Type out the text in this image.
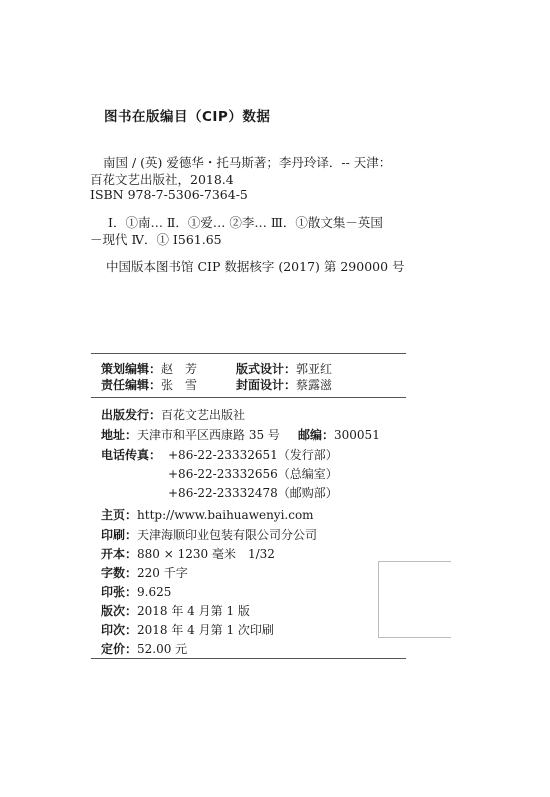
图书在版编目（CIP）数据
南国 / (英) 爱德华・托马斯著；李丹玲译．-- 天津：
百花文艺出版社，2018.4
ISBN 978-7-5306-7364-5
Ⅰ．①南… Ⅱ．①爱… ②李… Ⅲ．①散文集－英国
－现代 Ⅳ．① I561.65
中国版本图书馆 CIP 数据核字 (2017) 第 290000 号
策划编辑：赵　芳	版式设计：郭亚红
责任编辑：张　雪	封面设计：蔡露滋
出版发行：百花文艺出版社
地址：天津市和平区西康路 35 号 邮编：300051
电话传真： +86-22-23332651（发行部）
+86-22-23332656（总编室）
+86-22-23332478（邮购部）
主页：http://www.baihuawenyi.com
印刷：天津海顺印业包装有限公司分公司
开本：880 × 1230 毫米　1/32
字数：220 千字
印张：9.625
版次：2018 年 4 月第 1 版
印次：2018 年 4 月第 1 次印刷
定价：52.00 元
